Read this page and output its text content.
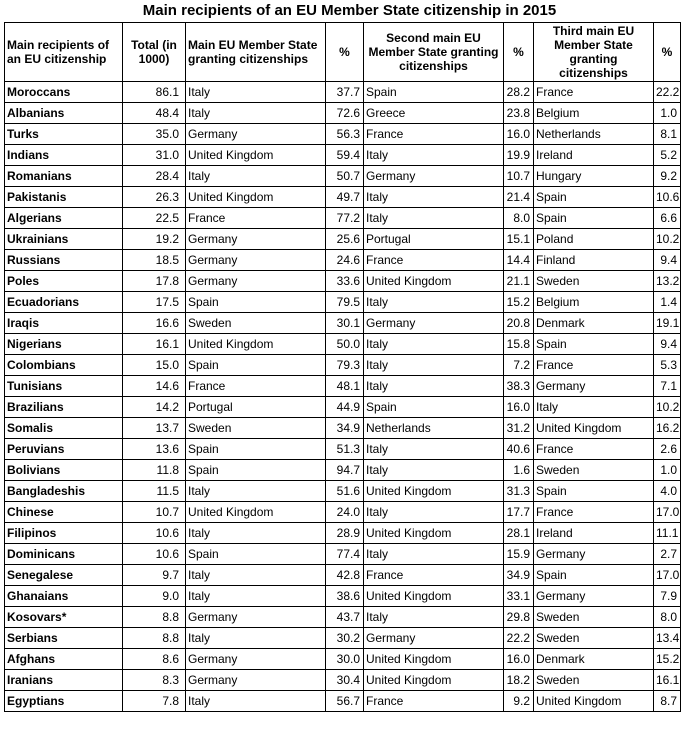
Main recipients of an EU Member State citizenship in 2015
Main recipients of an EU citizenship	Total (in 1000)	Main EU Member State granting citizenships	%	Second main EU Member State granting citizenships	%	Third main EU Member State granting citizenships	%
Moroccans	86.1	Italy	37.7	Spain	28.2	France	22.2
Albanians	48.4	Italy	72.6	Greece	23.8	Belgium	1.0
Turks	35.0	Germany	56.3	France	16.0	Netherlands	8.1
Indians	31.0	United Kingdom	59.4	Italy	19.9	Ireland	5.2
Romanians	28.4	Italy	50.7	Germany	10.7	Hungary	9.2
Pakistanis	26.3	United Kingdom	49.7	Italy	21.4	Spain	10.6
Algerians	22.5	France	77.2	Italy	8.0	Spain	6.6
Ukrainians	19.2	Germany	25.6	Portugal	15.1	Poland	10.2
Russians	18.5	Germany	24.6	France	14.4	Finland	9.4
Poles	17.8	Germany	33.6	United Kingdom	21.1	Sweden	13.2
Ecuadorians	17.5	Spain	79.5	Italy	15.2	Belgium	1.4
Iraqis	16.6	Sweden	30.1	Germany	20.8	Denmark	19.1
Nigerians	16.1	United Kingdom	50.0	Italy	15.8	Spain	9.4
Colombians	15.0	Spain	79.3	Italy	7.2	France	5.3
Tunisians	14.6	France	48.1	Italy	38.3	Germany	7.1
Brazilians	14.2	Portugal	44.9	Spain	16.0	Italy	10.2
Somalis	13.7	Sweden	34.9	Netherlands	31.2	United Kingdom	16.2
Peruvians	13.6	Spain	51.3	Italy	40.6	France	2.6
Bolivians	11.8	Spain	94.7	Italy	1.6	Sweden	1.0
Bangladeshis	11.5	Italy	51.6	United Kingdom	31.3	Spain	4.0
Chinese	10.7	United Kingdom	24.0	Italy	17.7	France	17.0
Filipinos	10.6	Italy	28.9	United Kingdom	28.1	Ireland	11.1
Dominicans	10.6	Spain	77.4	Italy	15.9	Germany	2.7
Senegalese	9.7	Italy	42.8	France	34.9	Spain	17.0
Ghanaians	9.0	Italy	38.6	United Kingdom	33.1	Germany	7.9
Kosovars*	8.8	Germany	43.7	Italy	29.8	Sweden	8.0
Serbians	8.8	Italy	30.2	Germany	22.2	Sweden	13.4
Afghans	8.6	Germany	30.0	United Kingdom	16.0	Denmark	15.2
Iranians	8.3	Germany	30.4	United Kingdom	18.2	Sweden	16.1
Egyptians	7.8	Italy	56.7	France	9.2	United Kingdom	8.7
